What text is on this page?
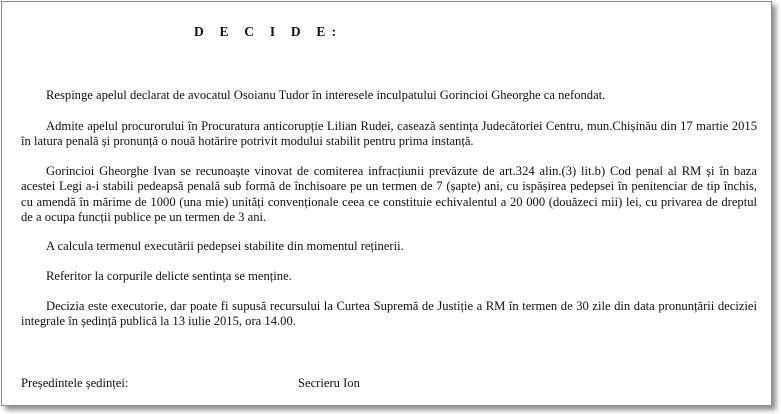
D E C I D E:

Respinge apelul declarat de avocatul Osoianu Tudor în interesele inculpatului Gorincioi Gheorghe ca nefondat.

Admite apelul procurorului în Procuratura anticorupție Lilian Rudei, casează sentința Judecătoriei Centru, mun.Chișinău din 17 martie 2015 în latura penală și pronunță o nouă hotărire potrivit modului stabilit pentru prima instanță.

Gorincioi Gheorghe Ivan se recunoaște vinovat de comiterea infracțiunii prevăzute de art.324 alin.(3) lit.b) Cod penal al RM și în baza acestei Legi a-i stabili pedeapsă penală sub formă de închisoare pe un termen de 7 (șapte) ani, cu ispășirea pedepsei în penitenciar de tip închis, cu amendă în mărime de 1000 (una mie) unități convenționale ceea ce constituie echivalentul a 20 000 (douăzeci mii) lei, cu privarea de dreptul de a ocupa funcții publice pe un termen de 3 ani.

A calcula termenul executării pedepsei stabilite din momentul reținerii.

Referitor la corpurile delicte sentința se menține.

Decizia este executorie, dar poate fi supusă recursului la Curtea Supremă de Justiție a RM în termen de 30 zile din data pronunțării deciziei integrale în ședință publică la 13 iulie 2015, ora 14.00.

Președintele ședinței:	Secrieru Ion
